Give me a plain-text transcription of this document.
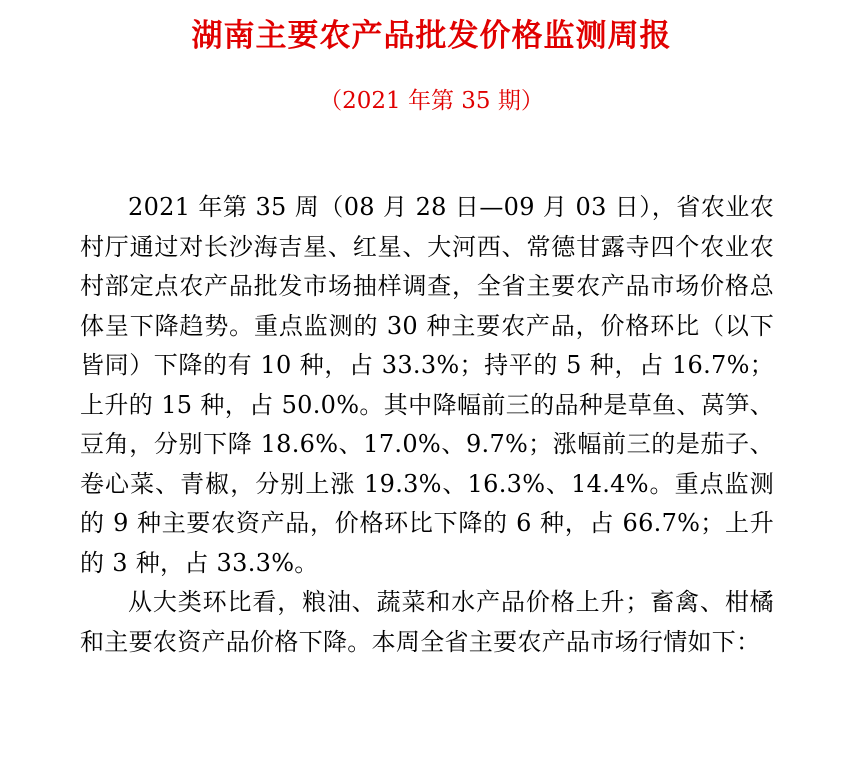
湖南主要农产品批发价格监测周报
（2021 年第 35 期）

2021 年第 35 周（08 月 28 日—09 月 03 日），省农业农村厅通过对长沙海吉星、红星、大河西、常德甘露寺四个农业农村部定点农产品批发市场抽样调查，全省主要农产品市场价格总体呈下降趋势。重点监测的 30 种主要农产品，价格环比（以下皆同）下降的有 10 种，占 33.3%；持平的 5 种，占 16.7%；上升的 15 种，占 50.0%。其中降幅前三的品种是草鱼、莴笋、豆角，分别下降 18.6%、17.0%、9.7%；涨幅前三的是茄子、卷心菜、青椒，分别上涨 19.3%、16.3%、14.4%。重点监测的 9 种主要农资产品，价格环比下降的 6 种，占 66.7%；上升的 3 种，占 33.3%。

从大类环比看，粮油、蔬菜和水产品价格上升；畜禽、柑橘和主要农资产品价格下降。本周全省主要农产品市场行情如下：
